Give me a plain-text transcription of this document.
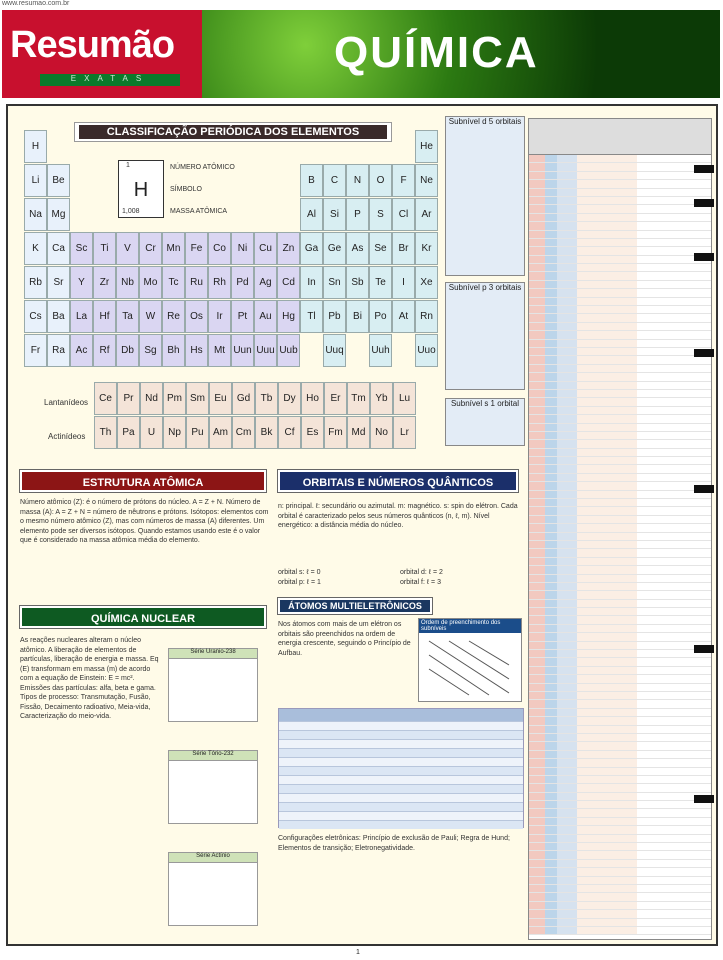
www.resumao.com.br
Resumão
EXATAS
QUÍMICA
CLASSIFICAÇÃO PERIÓDICA DOS ELEMENTOS
H
1
1,008
NÚMERO ATÔMICO
SÍMBOLO
MASSA ATÔMICA
Lantanídeos
Actinídeos
H	He
Li	Be	B	C	N	O	F	Ne
Na Mg	Al	Si	P	S	Cl	Ar
K	Ca	Sc	Ti	V	Cr	Mn	Fe	Co	Ni	Cu	Zn	Ga Ge	As	Se	Br	Kr
Rb	Sr	Y	Zr	Nb Mo	Tc	Ru	Rh	Pd	Ag	Cd	In	Sn	Sb	Te	I	Xe
Cs	Ba	La	Hf	Ta	W	Re	Os	Ir	Pt	Au	Hg	Tl	Pb	Bi	Po	At	Rn
Fr	Ra	Ac	Rf	Db	Sg	Bh	Hs	Mt Uun Uuu Uub	Uuq	Uuh	Uuo
Ce	Pr	Nd Pm Sm Eu	Gd	Tb	Dy	Ho	Er	Tm Yb	Lu
Th	Pa	U	Np	Pu Am Cm Bk	Cf	Es Fm Md No	Lr
Subnível d 5 orbitais
Subnível p 3 orbitais
Subnível s 1 orbital
ESTRUTURA ATÔMICA
Número atômico (Z): é o número de prótons do núcleo. A = Z + N. Número de massa (A): A = Z + N = número de nêutrons e prótons. Isótopos: elementos com o mesmo número atômico (Z), mas com números de massa (A) diferentes. Um elemento pode ser diversos isótopos. Quando estamos usando este é o valor que é considerado na massa atômica média do elemento.
QUÍMICA NUCLEAR
As reações nucleares alteram o núcleo atômico. A liberação de elementos de partículas, liberação de energia e massa. Eq (E) transformam em massa (m) de acordo com a equação de Einstein: E = mc². Emissões das partículas: alfa, beta e gama. Tipos de processo: Transmutação, Fusão, Fissão, Decaimento radioativo, Meia-vida, Caracterização do meio-vida.
Série Uranio-238
Série Tório-232
Série Actínio
ORBITAIS E NÚMEROS QUÂNTICOS
n: principal. ℓ: secundário ou azimutal. m: magnético. s: spin do elétron. Cada orbital é caracterizado pelos seus números quânticos (n, ℓ, m). Nível energético: a distância média do núcleo.
orbital s: ℓ = 0
orbital p: ℓ = 1
orbital d: ℓ = 2
orbital f: ℓ = 3
ÁTOMOS MULTIELETRÔNICOS
Nos átomos com mais de um elétron os orbitais são preenchidos na ordem de energia crescente, seguindo o Princípio de Aufbau.
Ordem de preenchimento dos subníveis
Configurações eletrônicas: Princípio de exclusão de Pauli; Regra de Hund; Elementos de transição; Eletronegatividade.
1
